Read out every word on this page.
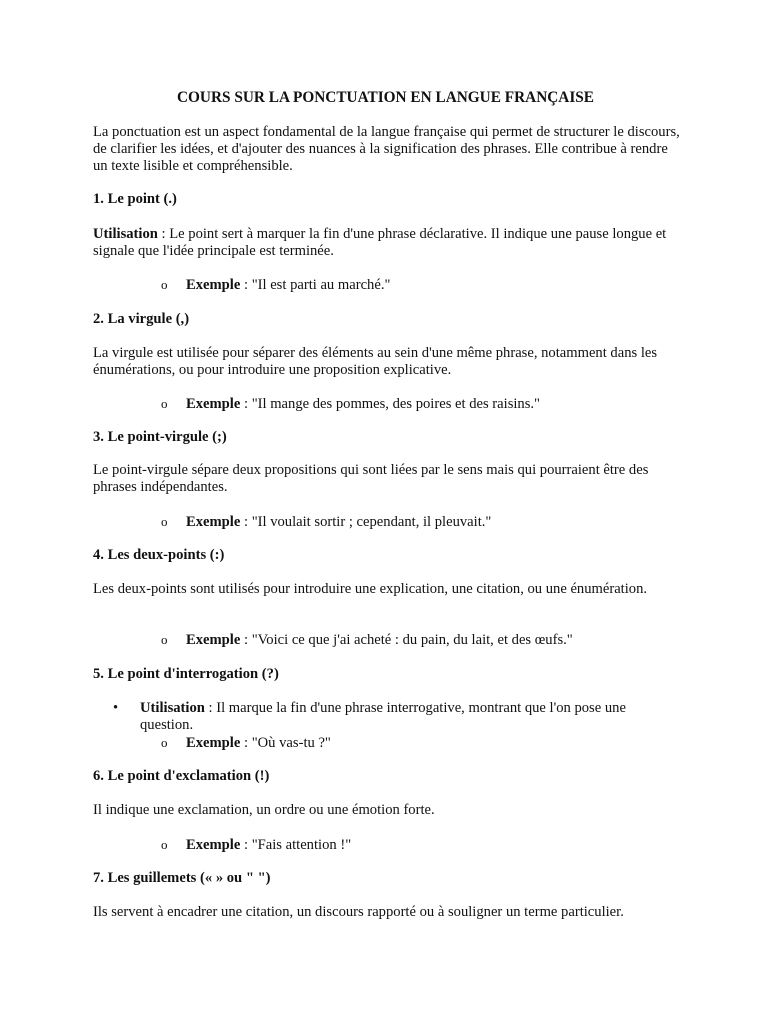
COURS SUR LA PONCTUATION EN LANGUE FRANÇAISE

La ponctuation est un aspect fondamental de la langue française qui permet de structurer le discours, de clarifier les idées, et d'ajouter des nuances à la signification des phrases. Elle contribue à rendre un texte lisible et compréhensible.

1. Le point (.)

Utilisation : Le point sert à marquer la fin d'une phrase déclarative. Il indique une pause longue et signale que l'idée principale est terminée.

o Exemple : "Il est parti au marché."
2. La virgule (,)

La virgule est utilisée pour séparer des éléments au sein d'une même phrase, notamment dans les énumérations, ou pour introduire une proposition explicative.

o Exemple : "Il mange des pommes, des poires et des raisins."
3. Le point-virgule (;)

Le point-virgule sépare deux propositions qui sont liées par le sens mais qui pourraient être des phrases indépendantes.

o Exemple : "Il voulait sortir ; cependant, il pleuvait."
4. Les deux-points (:)

Les deux-points sont utilisés pour introduire une explication, une citation, ou une énumération.

o Exemple : "Voici ce que j'ai acheté : du pain, du lait, et des œufs."
5. Le point d'interrogation (?)
• Utilisation : Il marque la fin d'une phrase interrogative, montrant que l'on pose une question.
o Exemple : "Où vas-tu ?"
6. Le point d'exclamation (!)

Il indique une exclamation, un ordre ou une émotion forte.

o Exemple : "Fais attention !"
7. Les guillemets (« » ou " ")

Ils servent à encadrer une citation, un discours rapporté ou à souligner un terme particulier.
